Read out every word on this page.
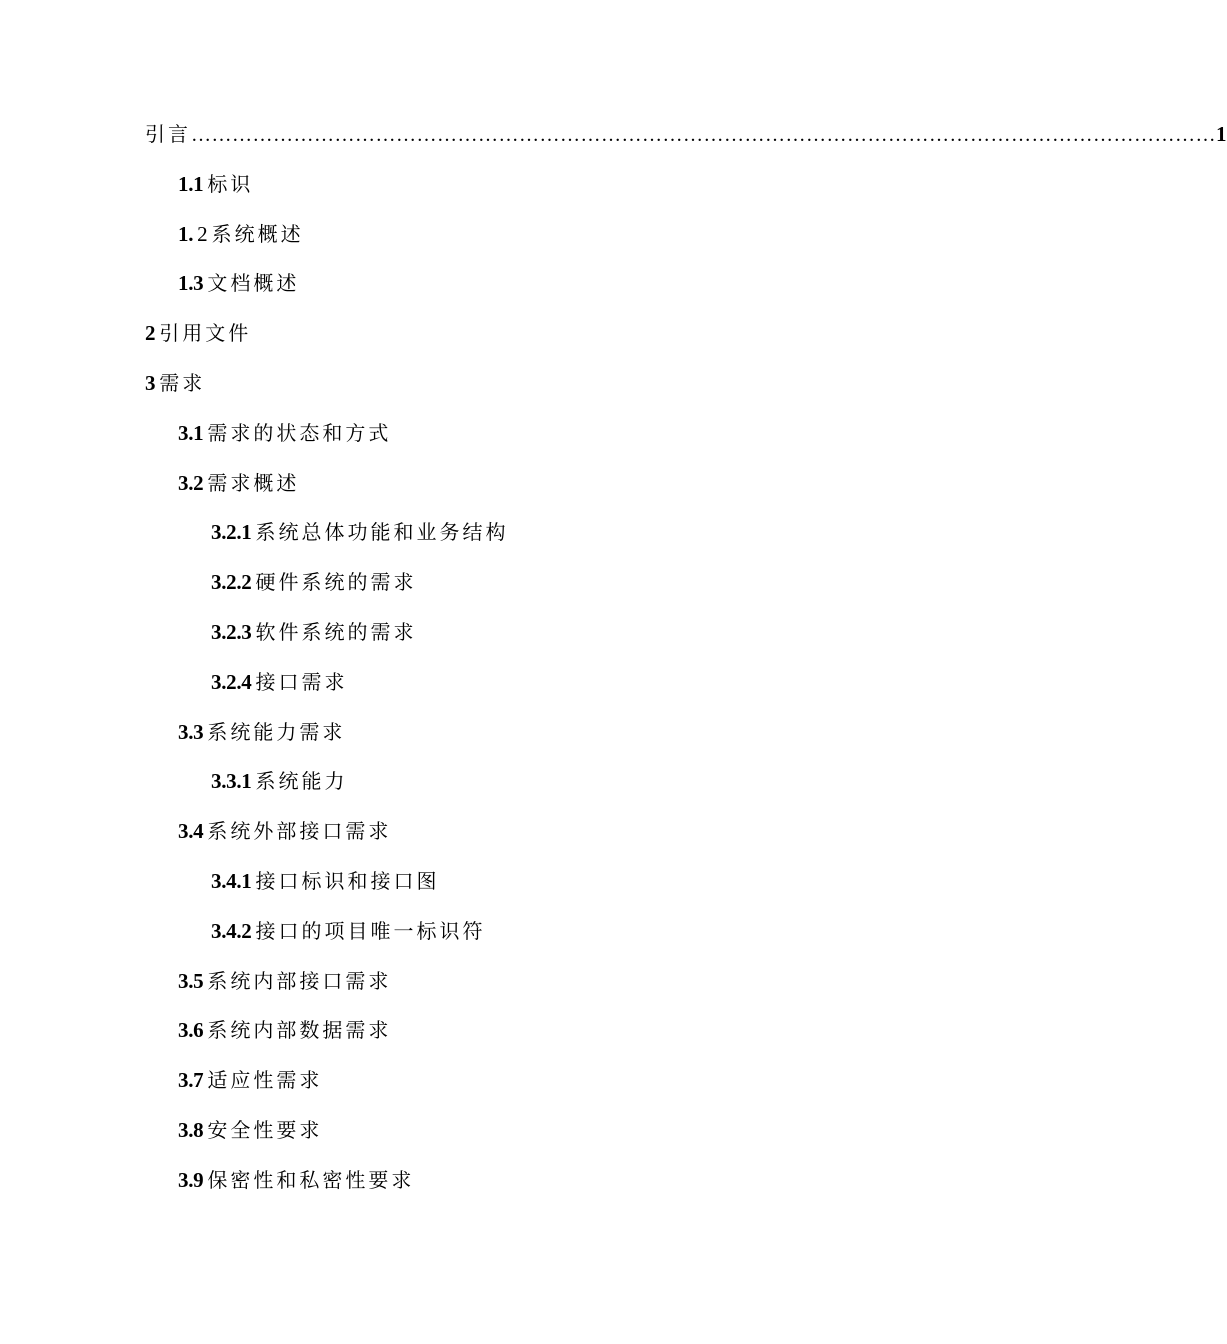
引言 …………………………………………………………………………………………………………………………………… 1
1.1 标识
1. 2 系统概述
1.3 文档概述
2 引用文件
3 需求
3.1 需求的状态和方式
3.2 需求概述
3.2.1 系统总体功能和业务结构
3.2.2 硬件系统的需求
3.2.3 软件系统的需求
3.2.4 接口需求
3.3 系统能力需求
3.3.1 系统能力
3.4 系统外部接口需求
3.4.1 接口标识和接口图
3.4.2 接口的项目唯一标识符
3.5 系统内部接口需求
3.6 系统内部数据需求
3.7 适应性需求
3.8 安全性要求
3.9 保密性和私密性要求
